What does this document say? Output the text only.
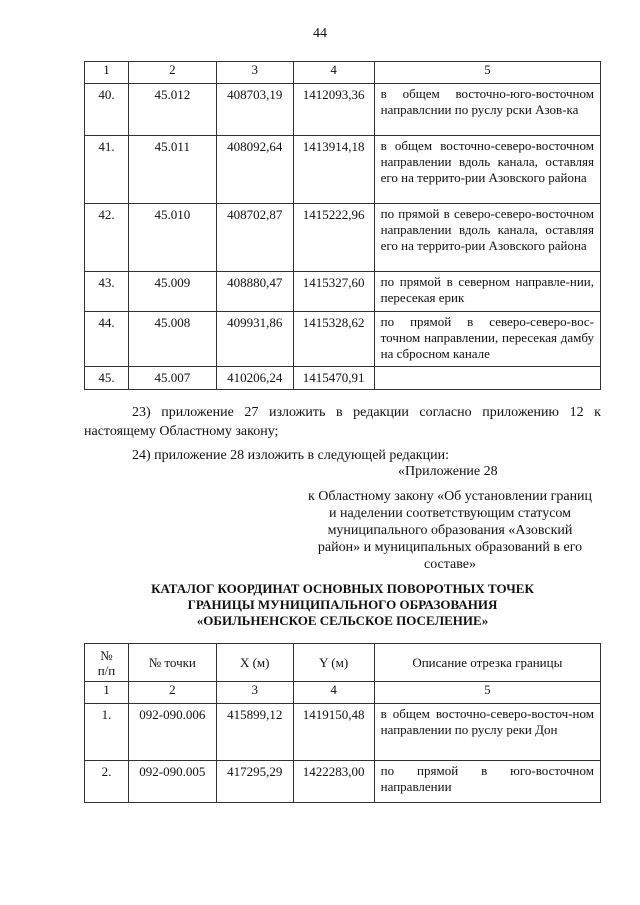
44
1	2	3	4	5
40.	45.012	408703,19	1412093,36	в общем восточно-юго-восточном направлснии по руслу рски Азов-ка
41.	45.011	408092,64	1413914,18	в общем восточно-северо-восточном направлении вдоль канала, оставляя его на террито-рии Азовского района
42.	45.010	408702,87	1415222,96	по прямой в северо-северо-восточном направлении вдоль канала, оставляя его на террито-рии Азовского района
43.	45.009	408880,47	1415327,60	по прямой в северном направле-нии, пересекая ерик
44.	45.008	409931,86	1415328,62	по прямой в северо-северо-вос-точном направлении, пересекая дамбу на сбросном канале
45.	45.007	410206,24	1415470,91	
23) приложение 27 изложить в редакции согласно приложению 12 к настоящему Областному закону;
24) приложение 28 изложить в следующей редакции:
«Приложение 28
к Областному закону «Об установлении границ и наделении соответствующим статусом муниципального образования «Азовский район» и муниципальных образований в его составе»
КАТАЛОГ КООРДИНАТ ОСНОВНЫХ ПОВОРОТНЫХ ТОЧЕК
ГРАНИЦЫ МУНИЦИПАЛЬНОГО ОБРАЗОВАНИЯ
«ОБИЛЬНЕНСКОЕ СЕЛЬСКОЕ ПОСЕЛЕНИЕ»
№
п/п	№ точки	X (м)	Y (м)	Описание отрезка границы
1	2	3	4	5
1.	092-090.006	415899,12	1419150,48	в общем восточно-северо-восточ-ном направлении по руслу реки Дон
2.	092-090.005	417295,29	1422283,00	по прямой в юго-восточном направлении
